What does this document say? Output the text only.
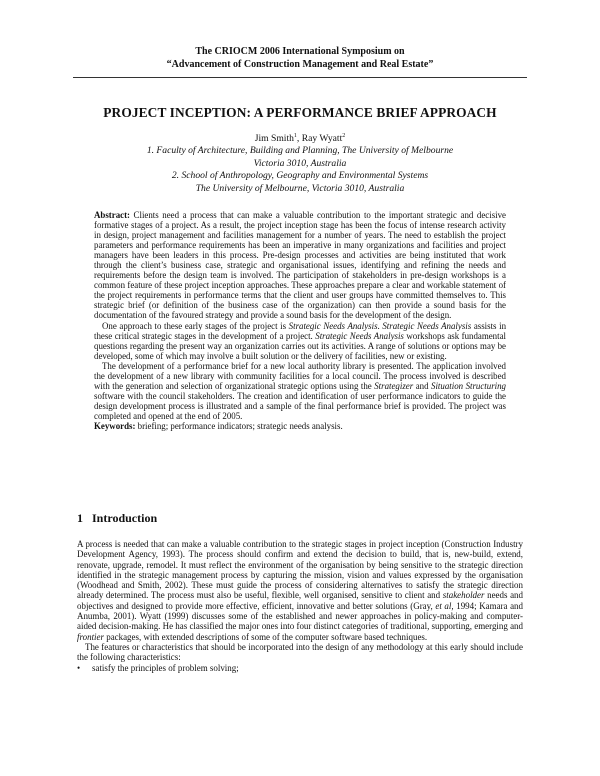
The CRIOCM 2006 International Symposium on
“Advancement of Construction Management and Real Estate”
PROJECT INCEPTION: A PERFORMANCE BRIEF APPROACH
Jim Smith$^1$, Ray Wyatt$^2$
1. Faculty of Architecture, Building and Planning, The University of Melbourne
Victoria 3010, Australia
2. School of Anthropology, Geography and Environmental Systems
The University of Melbourne, Victoria 3010, Australia

Abstract: Clients need a process that can make a valuable contribution to the important strategic and decisive formative stages of a project. As a result, the project inception stage has been the focus of intense research activity in design, project management and facilities management for a number of years. The need to establish the project parameters and performance requirements has been an imperative in many organizations and facilities and project managers have been leaders in this process. Pre-design processes and activities are being instituted that work through the client’s business case, strategic and organisational issues, identifying and refining the needs and requirements before the design team is involved. The participation of stakeholders in pre-design workshops is a common feature of these project inception approaches. These approaches prepare a clear and workable statement of the project requirements in performance terms that the client and user groups have committed themselves to. This strategic brief (or definition of the business case of the organization) can then provide a sound basis for the documentation of the favoured strategy and provide a sound basis for the development of the design.

One approach to these early stages of the project is Strategic Needs Analysis. Strategic Needs Analysis assists in these critical strategic stages in the development of a project. Strategic Needs Analysis workshops ask fundamental questions regarding the present way an organization carries out its activities. A range of solutions or options may be developed, some of which may involve a built solution or the delivery of facilities, new or existing.

The development of a performance brief for a new local authority library is presented. The application involved the development of a new library with community facilities for a local council. The process involved is described with the generation and selection of organizational strategic options using the Strategizer and Situation Structuring software with the council stakeholders. The creation and identification of user performance indicators to guide the design development process is illustrated and a sample of the final performance brief is provided. The project was completed and opened at the end of 2005.

Keywords: briefing; performance indicators; strategic needs analysis.

1 Introduction

A process is needed that can make a valuable contribution to the strategic stages in project inception (Construction Industry Development Agency, 1993). The process should confirm and extend the decision to build, that is, new-build, extend, renovate, upgrade, remodel. It must reflect the environment of the organisation by being sensitive to the strategic direction identified in the strategic management process by capturing the mission, vision and values expressed by the organisation (Woodhead and Smith, 2002). These must guide the process of considering alternatives to satisfy the strategic direction already determined. The process must also be useful, flexible, well organised, sensitive to client and stakeholder needs and objectives and designed to provide more effective, efficient, innovative and better solutions (Gray, et al, 1994; Kamara and Anumba, 2001). Wyatt (1999) discusses some of the established and newer approaches in policy-making and computer-aided decision-making. He has classified the major ones into four distinct categories of traditional, supporting, emerging and frontier packages, with extended descriptions of some of the computer software based techniques.

The features or characteristics that should be incorporated into the design of any methodology at this early should include the following characteristics:

• satisfy the principles of problem solving;
